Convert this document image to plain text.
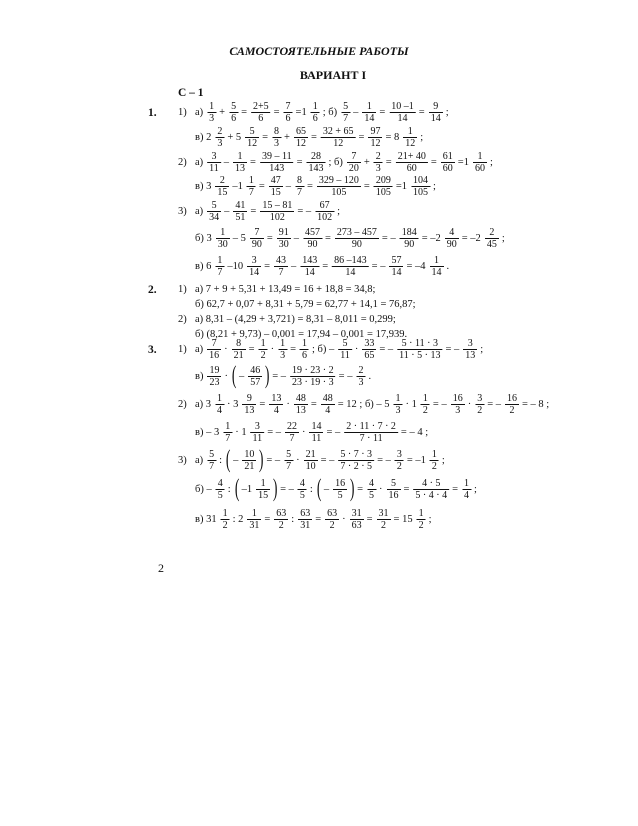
САМОСТОЯТЕЛЬНЫЕ РАБОТЫ
ВАРИАНТ I
С – 1
1. 1) $а) \frac{1}{3} + \frac{5}{6} = \frac{2+5}{6} = \frac{7}{6} =1 \frac{1}{6}$ ; $б) \frac{5}{7} - \frac{1}{14} = \frac{10 -1}{14} = \frac{9}{14}$ ;
в) $2 \frac{2}{3} + 5 \frac{5}{12} = \frac{8}{3} + \frac{65}{12} = \frac{32 + 65}{12} = \frac{97}{12} = 8 \frac{1}{12}$ ;
2) $а) \frac{3}{11} - \frac{1}{13} = \frac{39 - 11}{143} = \frac{28}{143}$ ; $б) \frac{7}{20} + \frac{2}{3} = \frac{21+ 40}{60} = \frac{61}{60} =1 \frac{1}{60}$ ;
в) $3 \frac{2}{15} -1 \frac{1}{7} = \frac{47}{15} - \frac{8}{7} = \frac{329 - 120}{105} = \frac{209}{105} =1 \frac{104}{105}$ ;
3) $а) \frac{5}{34} - \frac{41}{51} = \frac{15 - 81}{102}$ = – $\frac{67}{102}$ ;
б) $3 \frac{1}{30} - 5 \frac{7}{90} = \frac{91}{30} - \frac{457}{90} = \frac{273 - 457}{90}$ = – $\frac{184}{90} = -2 \frac{4}{90} = -2 \frac{2}{45}$ ;
в) $6 \frac{1}{7} -10 \frac{3}{14} = \frac{43}{7} - \frac{143}{14} = \frac{86 -143}{14}$ = – $\frac{57}{14} = -4 \frac{1}{14}$ .
2. 1) а) 7 + 9 + 5,31 + 13,49 = 16 + 18,8 = 34,8;
б) 62,7 + 0,07 + 8,31 + 5,79 = 62,77 + 14,1 = 76,87;
2) а) 8,31 – (4,29 + 3,721) = 8,31 – 8,011 = 0,299;
б) (8,21 + 9,73) – 0,001 = 17,94 – 0,001 = 17,939.
3. 1) $а) \frac{7}{16} \cdot \frac{8}{21} = \frac{1}{2} \cdot \frac{1}{3} = \frac{1}{6}$ ; $б) - \frac{5}{11} \cdot \frac{33}{65}$ = – $\frac{5 \cdot 11 \cdot 3}{11 \cdot 5 \cdot 13}$ = – $\frac{3}{13}$ ;
$в) \frac{19}{23}$ · ( – $\frac{46}{57}$ ) = – $\frac{19 \cdot 23 \cdot 2}{23 \cdot 19 \cdot 3}$ = – $\frac{2}{3}$ .
2) а) $3 \frac{1}{4} \cdot 3 \frac{9}{13} = \frac{13}{4} \cdot \frac{48}{13} = \frac{48}{4} = 12$ ; $б) - 5 \frac{1}{3} \cdot 1 \frac{1}{2}$ = – $\frac{16}{3} \cdot \frac{3}{2}$ = – $\frac{16}{2}$ = – 8 ;
$в) - 3 \frac{1}{7} \cdot 1 \frac{3}{11}$ = – $\frac{22}{7} \cdot \frac{14}{11}$ = – $\frac{2 \cdot 11 \cdot 7 \cdot 2}{7 \cdot 11}$ = – 4 ;
3) $а) \frac{5}{7}$ : ( – $\frac{10}{21}$ ) = – $\frac{5}{7} \cdot \frac{21}{10}$ = – $\frac{5 \cdot 7 \cdot 3}{7 \cdot 2 \cdot 5}$ = – $\frac{3}{2} = -1 \frac{1}{2}$ ;
$б) - \frac{4}{5}$ : ( $-1 \frac{1}{15}$ ) = – $\frac{4}{5}$ : ( – $\frac{16}{5}$ ) = $\frac{4}{5} \cdot \frac{5}{16} = \frac{4 \cdot 5}{5 \cdot 4 \cdot 4} = \frac{1}{4}$ ;
в) $31 \frac{1}{2}$ : $2 \frac{1}{31} = \frac{63}{2}$ : $\frac{63}{31} = \frac{63}{2} \cdot \frac{31}{63} = \frac{31}{2} = 15 \frac{1}{2}$ ;
2
